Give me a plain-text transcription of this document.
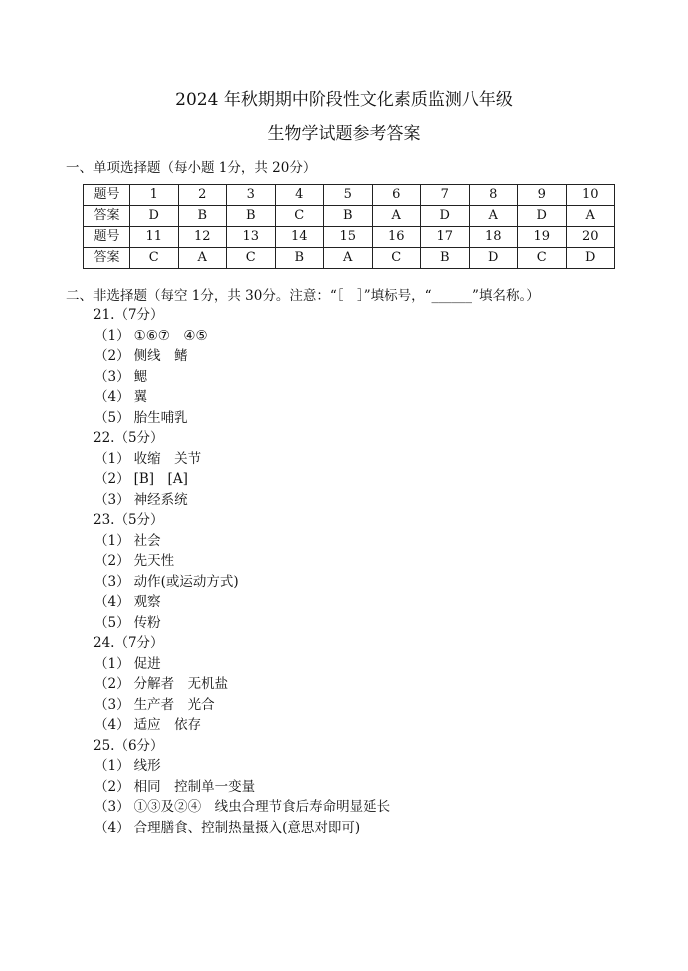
2024 年秋期期中阶段性文化素质监测八年级
生物学试题参考答案
一、单项选择题（每小题 1分，共 20分）
题号	1	2	3	4	5	6	7	8	9	10
答案	D	B	B	C	B	A	D	A	D	A
题号	11	12	13	14	15	16	17	18	19	20
答案	C	A	C	B	A	C	B	D	C	D
二、非选择题（每空 1分，共 30分。注意：“［　］”填标号，“______”填名称。）
21.（7分）
（1） ①⑥⑦　④⑤
（2） 侧线　鳍
（3） 鳃
（4） 翼
（5） 胎生哺乳
22.（5分）
（1） 收缩　关节
（2） [B]　[A]
（3） 神经系统
23.（5分）
（1） 社会
（2） 先天性
（3） 动作(或运动方式)
（4） 观察
（5） 传粉
24.（7分）
（1） 促进
（2） 分解者　无机盐
（3） 生产者　光合
（4） 适应　依存
25.（6分）
（1） 线形
（2） 相同　控制单一变量
（3） ①③及②④　线虫合理节食后寿命明显延长
（4） 合理膳食、控制热量摄入(意思对即可)
